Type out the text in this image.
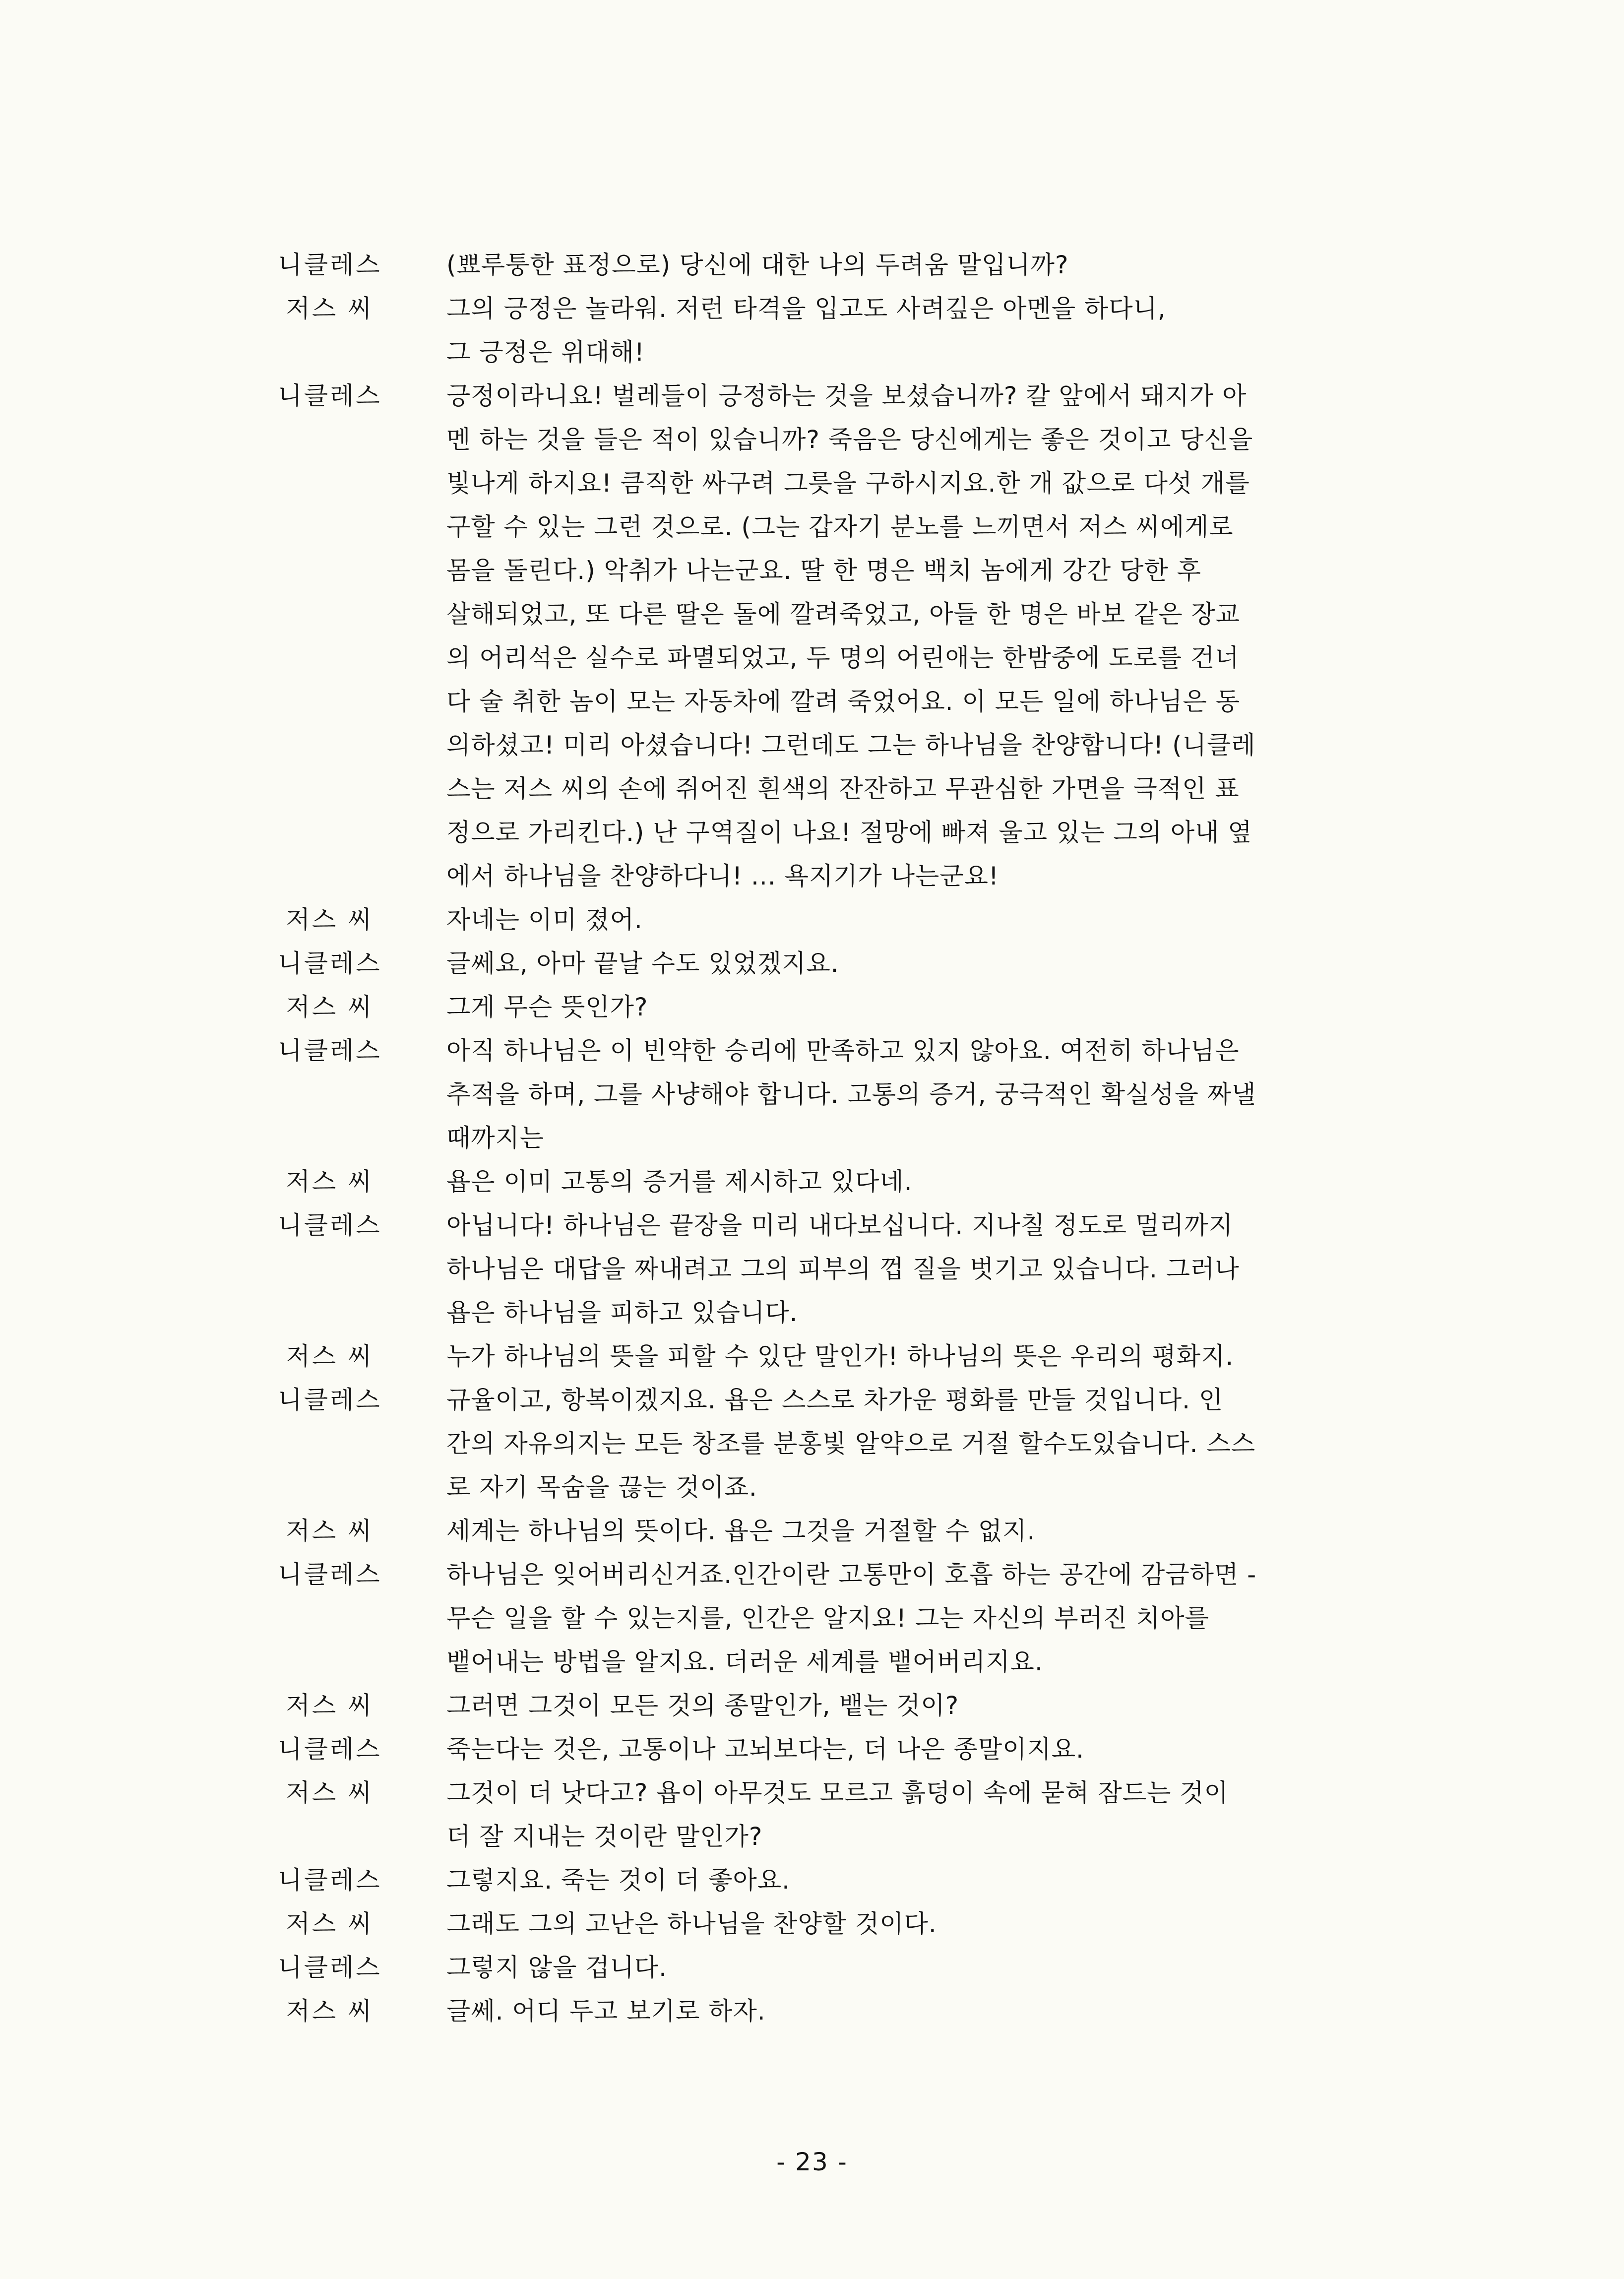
니클레스	(뾰루퉁한 표정으로) 당신에 대한 나의 두려움 말입니까?
저스 씨	그의 긍정은 놀라워. 저런 타격을 입고도 사려깊은 아멘을 하다니,
그 긍정은 위대해!
니클레스	긍정이라니요! 벌레들이 긍정하는 것을 보셨습니까? 칼 앞에서 돼지가 아
멘 하는 것을 들은 적이 있습니까? 죽음은 당신에게는 좋은 것이고 당신을
빛나게 하지요! 큼직한 싸구려 그릇을 구하시지요.한 개 값으로 다섯 개를
구할 수 있는 그런 것으로. (그는 갑자기 분노를 느끼면서 저스 씨에게로
몸을 돌린다.) 악취가 나는군요. 딸 한 명은 백치 놈에게 강간 당한 후
살해되었고, 또 다른 딸은 돌에 깔려죽었고, 아들 한 명은 바보 같은 장교
의 어리석은 실수로 파멸되었고, 두 명의 어린애는 한밤중에 도로를 건너
다 술 취한 놈이 모는 자동차에 깔려 죽었어요. 이 모든 일에 하나님은 동
의하셨고! 미리 아셨습니다! 그런데도 그는 하나님을 찬양합니다! (니클레
스는 저스 씨의 손에 쥐어진 흰색의 잔잔하고 무관심한 가면을 극적인 표
정으로 가리킨다.) 난 구역질이 나요! 절망에 빠져 울고 있는 그의 아내 옆
에서 하나님을 찬양하다니! ... 욕지기가 나는군요!
저스 씨	자네는 이미 졌어.
니클레스	글쎄요, 아마 끝날 수도 있었겠지요.
저스 씨	그게 무슨 뜻인가?
니클레스	아직 하나님은 이 빈약한 승리에 만족하고 있지 않아요. 여전히 하나님은
추적을 하며, 그를 사냥해야 합니다. 고통의 증거, 궁극적인 확실성을 짜낼
때까지는
저스 씨	욥은 이미 고통의 증거를 제시하고 있다네.
니클레스	아닙니다! 하나님은 끝장을 미리 내다보십니다. 지나칠 정도로 멀리까지
하나님은 대답을 짜내려고 그의 피부의 껍 질을 벗기고 있습니다. 그러나
욥은 하나님을 피하고 있습니다.
저스 씨	누가 하나님의 뜻을 피할 수 있단 말인가! 하나님의 뜻은 우리의 평화지.
니클레스	규율이고, 항복이겠지요. 욥은 스스로 차가운 평화를 만들 것입니다. 인
간의 자유의지는 모든 창조를 분홍빛 알약으로 거절 할수도있습니다. 스스
로 자기 목숨을 끊는 것이죠.
저스 씨	세계는 하나님의 뜻이다. 욥은 그것을 거절할 수 없지.
니클레스	하나님은 잊어버리신거죠.인간이란 고통만이 호흡 하는 공간에 감금하면 -
무슨 일을 할 수 있는지를, 인간은 알지요! 그는 자신의 부러진 치아를
뱉어내는 방법을 알지요. 더러운 세계를 뱉어버리지요.
저스 씨	그러면 그것이 모든 것의 종말인가, 뱉는 것이?
니클레스	죽는다는 것은, 고통이나 고뇌보다는, 더 나은 종말이지요.
저스 씨	그것이 더 낫다고? 욥이 아무것도 모르고 흙덩이 속에 묻혀 잠드는 것이
더 잘 지내는 것이란 말인가?
니클레스	그렇지요. 죽는 것이 더 좋아요.
저스 씨	그래도 그의 고난은 하나님을 찬양할 것이다.
니클레스	그렇지 않을 겁니다.
저스 씨	글쎄. 어디 두고 보기로 하자.
- 23 -
